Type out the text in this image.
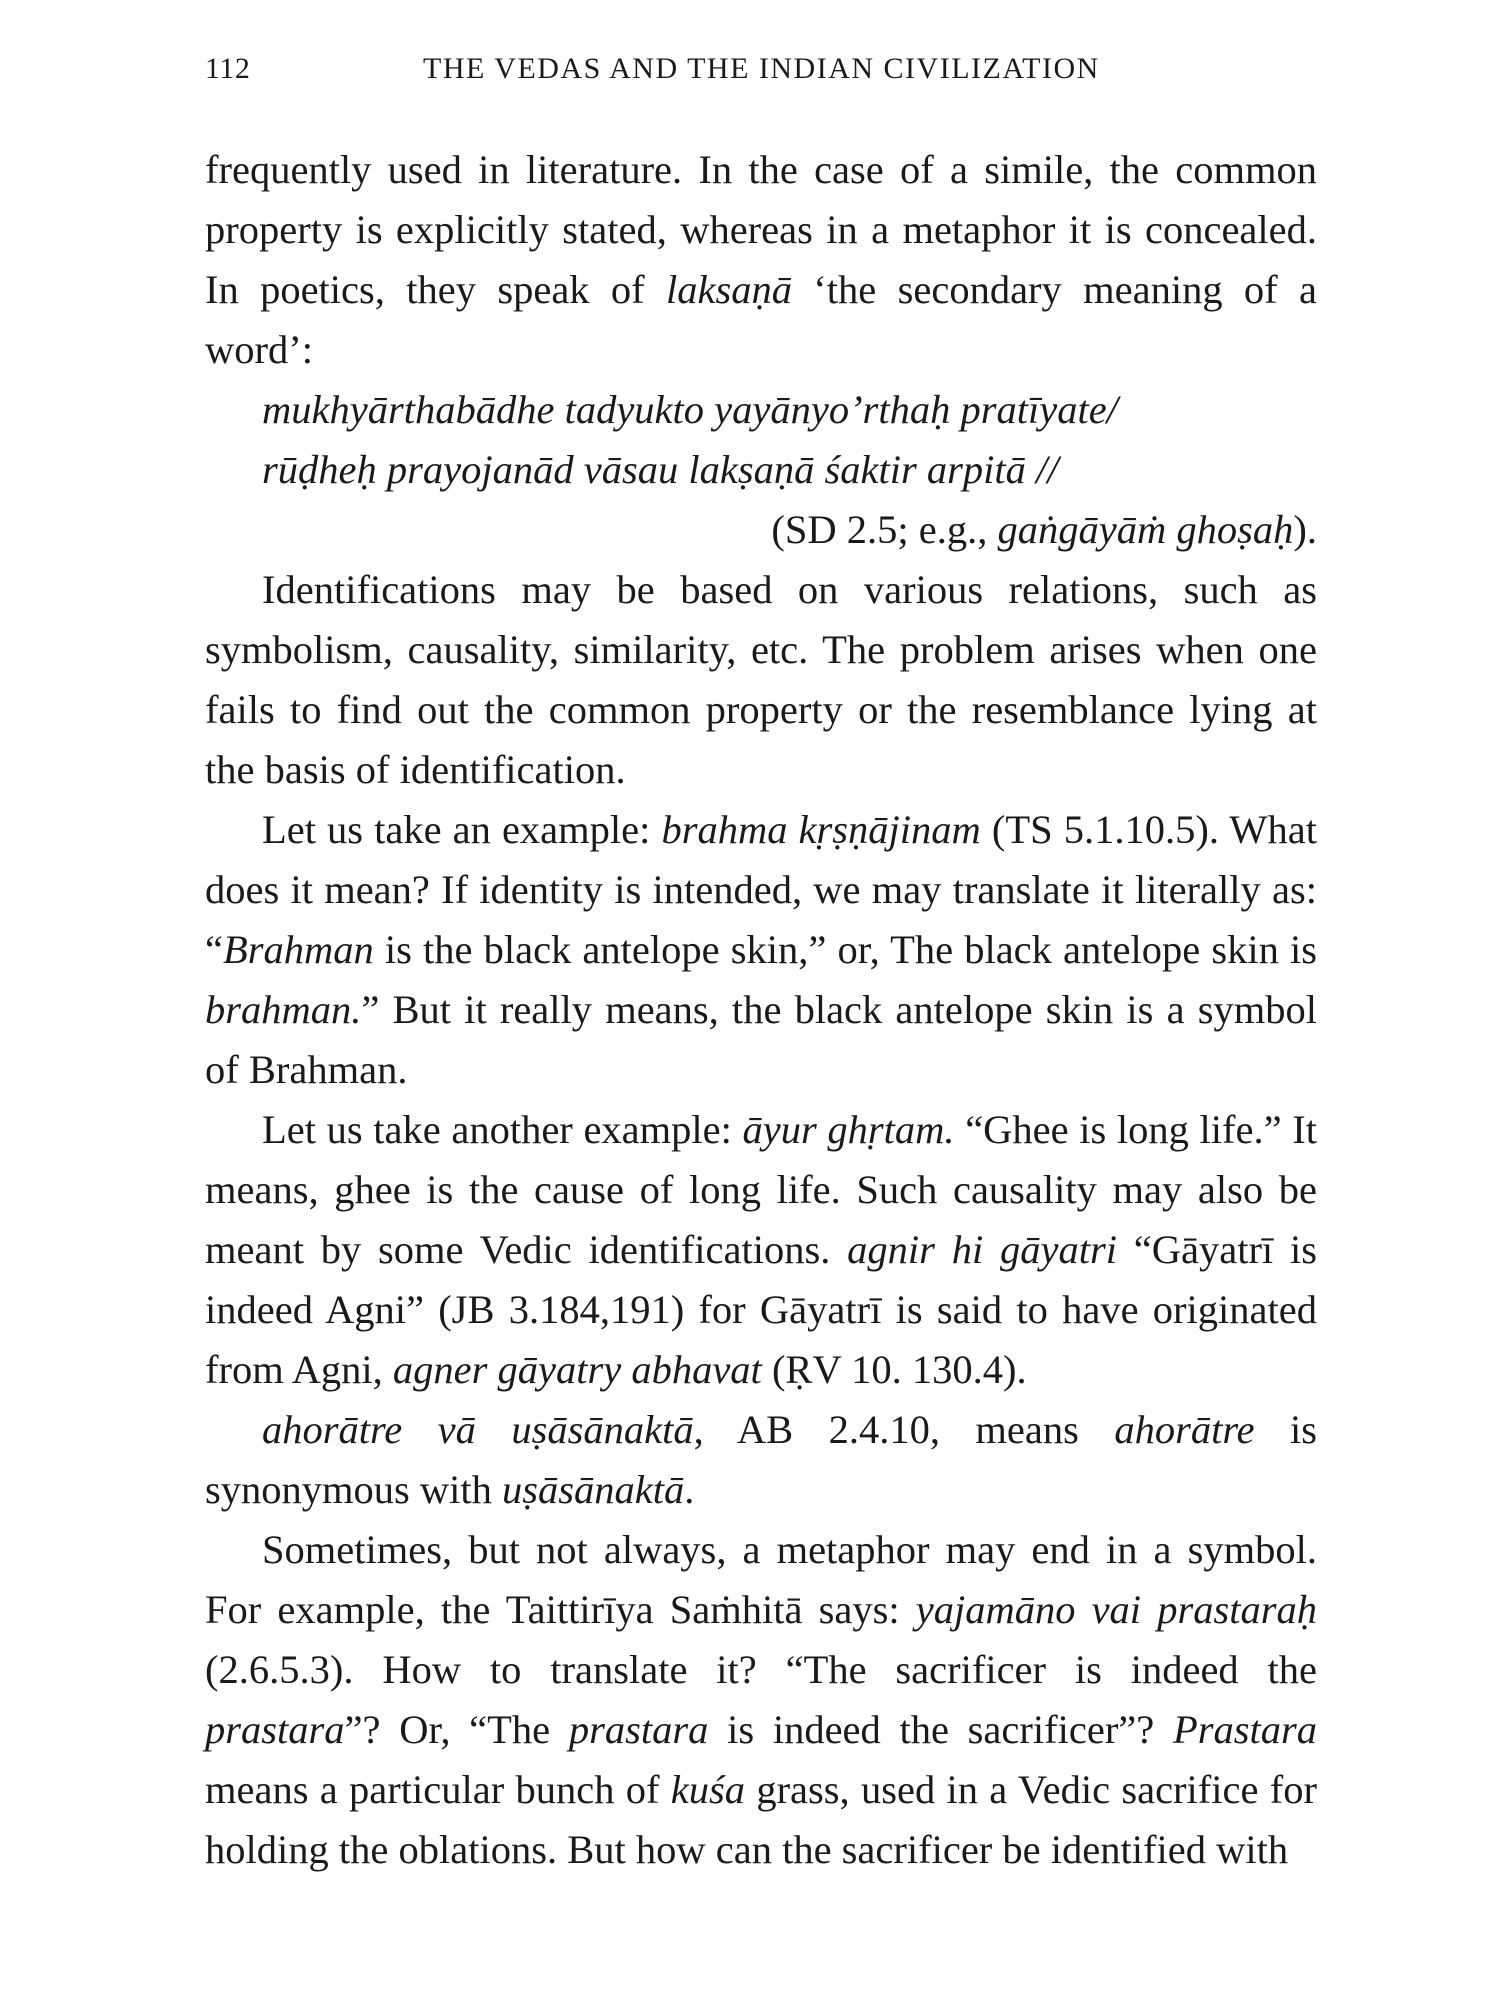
112	THE VEDAS AND THE INDIAN CIVILIZATION

frequently used in literature. In the case of a simile, the common property is explicitly stated, whereas in a metaphor it is concealed. In poetics, they speak of laksaṇā ‘the secondary meaning of a word’:

mukhyārthabādhe tadyukto yayānyo’rthaḥ pratīyate/
rūḍheḥ prayojanād vāsau lakṣaṇā śaktir arpitā //

(SD 2.5; e.g., gaṅgāyāṁ ghoṣaḥ).

Identifications may be based on various relations, such as symbolism, causality, similarity, etc. The problem arises when one fails to find out the common property or the resemblance lying at the basis of identification.

Let us take an example: brahma kṛṣṇājinam (TS 5.1.10.5). What does it mean? If identity is intended, we may translate it literally as: “Brahman is the black antelope skin,” or, The black antelope skin is brahman.” But it really means, the black antelope skin is a symbol of Brahman.

Let us take another example: āyur ghṛtam. “Ghee is long life.” It means, ghee is the cause of long life. Such causality may also be meant by some Vedic identifications. agnir hi gāyatri “Gāyatrī is indeed Agni” (JB 3.184,191) for Gāyatrī is said to have originated from Agni, agner gāyatry abhavat (ṚV 10. 130.4).

ahorātre vā uṣāsānaktā, AB 2.4.10, means ahorātre is synonymous with uṣāsānaktā.

Sometimes, but not always, a metaphor may end in a symbol. For example, the Taittirīya Saṁhitā says: yajamāno vai prastaraḥ (2.6.5.3). How to translate it? “The sacrificer is indeed the prastara”? Or, “The prastara is indeed the sacrificer”? Prastara means a particular bunch of kuśa grass, used in a Vedic sacrifice for holding the oblations. But how can the sacrificer be identified with
